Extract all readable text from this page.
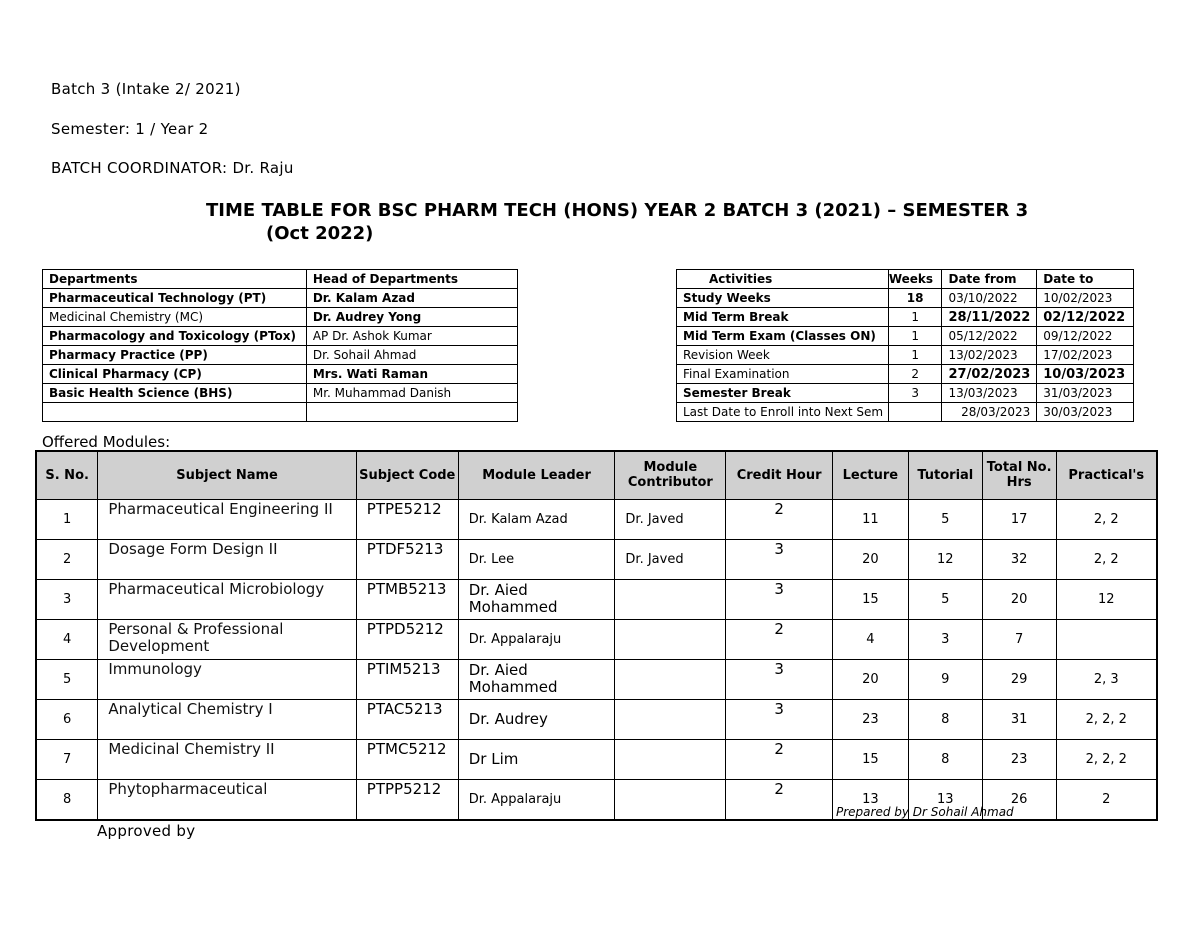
Batch 3 (Intake 2/ 2021)
Semester: 1 / Year 2
BATCH COORDINATOR: Dr. Raju
TIME TABLE FOR BSC PHARM TECH (HONS) YEAR 2 BATCH 3 (2021) – SEMESTER 3
(Oct 2022)
Departments	Head of Departments
Pharmaceutical Technology (PT)	Dr. Kalam Azad
Medicinal Chemistry (MC)	Dr. Audrey Yong
Pharmacology and Toxicology (PTox)	AP Dr. Ashok Kumar
Pharmacy Practice (PP)	Dr. Sohail Ahmad
Clinical Pharmacy (CP)	Mrs. Wati Raman
Basic Health Science (BHS)	Mr. Muhammad Danish

Activities	Weeks	Date from	Date to
Study Weeks	18	03/10/2022	10/02/2023
Mid Term Break	1	28/11/2022	02/12/2022
Mid Term Exam (Classes ON)	1	05/12/2022	09/12/2022
Revision Week	1	13/02/2023	17/02/2023
Final Examination	2	27/02/2023	10/03/2023
Semester Break	3	13/03/2023	31/03/2023
Last Date to Enroll into Next Sem		28/03/2023	30/03/2023
Offered Modules:
S. No.	Subject Name	Subject Code	Module Leader	Module Contributor	Credit Hour	Lecture	Tutorial	Total No. Hrs	Practical's
1	Pharmaceutical Engineering II	PTPE5212	Dr. Kalam Azad	Dr. Javed	2	11	5	17	2, 2
2	Dosage Form Design II	PTDF5213	Dr. Lee	Dr. Javed	3	20	12	32	2, 2
3	Pharmaceutical Microbiology	PTMB5213	Dr. Aied Mohammed		3	15	5	20	12
4	Personal & Professional Development	PTPD5212	Dr. Appalaraju		2	4	3	7	
5	Immunology	PTIM5213	Dr. Aied Mohammed		3	20	9	29	2, 3
6	Analytical Chemistry I	PTAC5213	Dr. Audrey		3	23	8	31	2, 2, 2
7	Medicinal Chemistry II	PTMC5212	Dr Lim		2	15	8	23	2, 2, 2
8	Phytopharmaceutical	PTPP5212	Dr. Appalaraju		2	13	13	26	2
Prepared by Dr Sohail Ahmad
Approved by
